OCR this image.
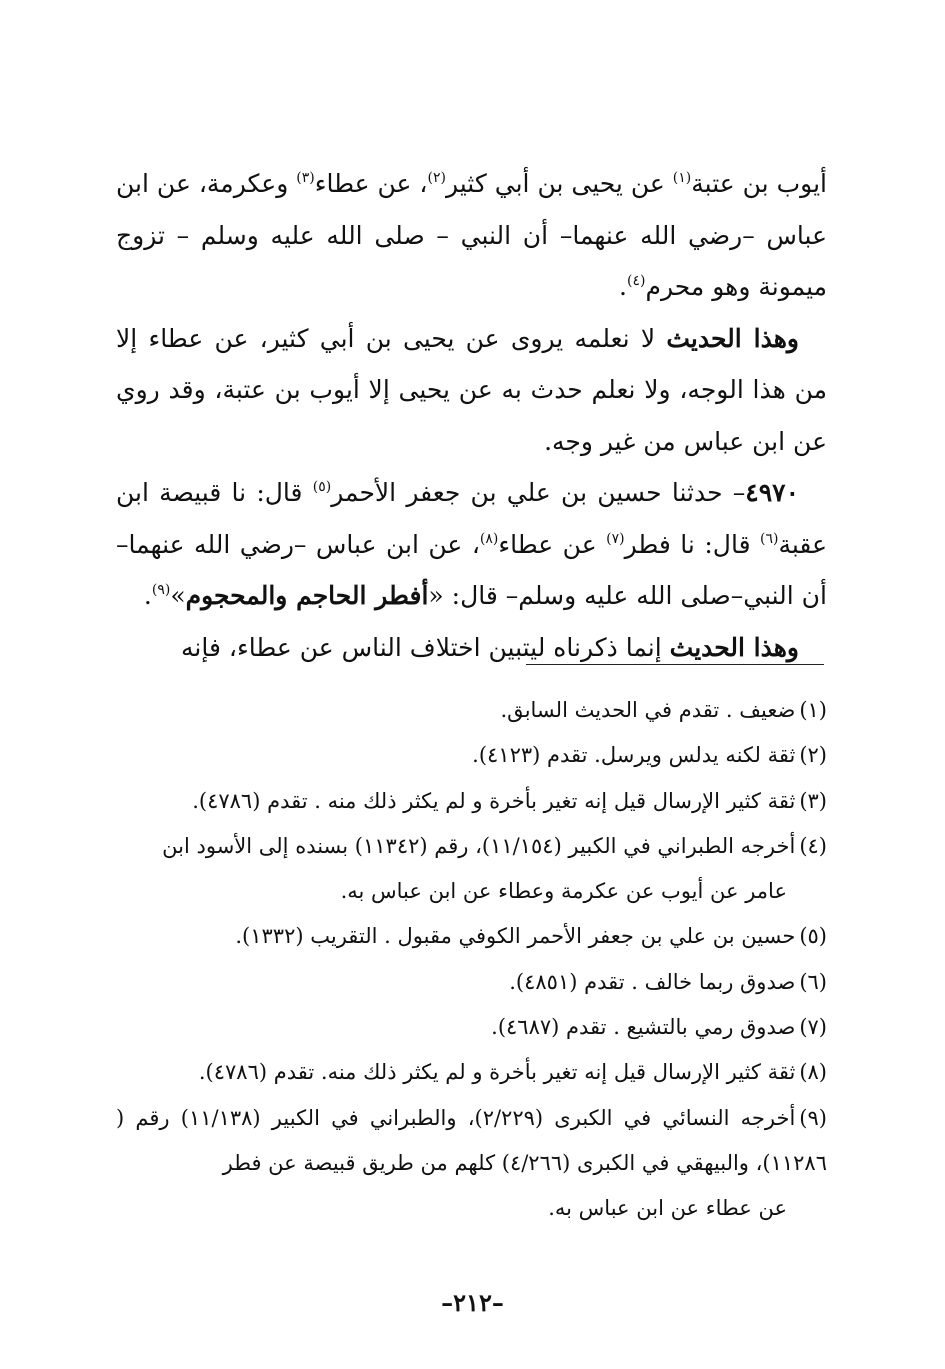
أيوب بن عتبة$^{(١)}$ عن يحيى بن أبي كثير$^{(٢)}$، عن عطاء$^{(٣)}$ وعكرمة، عن ابن عباس –رضي الله عنهما– أن النبي – صلى الله عليه وسلم – تزوج ميمونة وهو محرم$^{(٤)}$.

وهذا الحديث لا نعلمه يروى عن يحيى بن أبي كثير، عن عطاء إلا من هذا الوجه، ولا نعلم حدث به عن يحيى إلا أيوب بن عتبة، وقد روي عن ابن عباس من غير وجه.

٤٩٧٠– حدثنا حسين بن علي بن جعفر الأحمر$^{(٥)}$ قال: نا قبيصة ابن عقبة$^{(٦)}$ قال: نا فطر$^{(٧)}$ عن عطاء$^{(٨)}$، عن ابن عباس –رضي الله عنهما–أن النبي–صلى الله عليه وسلم– قال: «أفطر الحاجم والمحجوم»$^{(٩)}$.

وهذا الحديث إنما ذكرناه ليتبين اختلاف الناس عن عطاء، فإنه

(١)ضعيف . تقدم في الحديث السابق.

(٢)ثقة لكنه يدلس ويرسل. تقدم (٤١٢٣).

(٣)ثقة كثير الإرسال قيل إنه تغير بأخرة و لم يكثر ذلك منه . تقدم (٤٧٨٦).

(٤)أخرجه الطبراني في الكبير (١١/١٥٤)، رقم (١١٣٤٢) بسنده إلى الأسود ابن
عامر عن أيوب عن عكرمة وعطاء عن ابن عباس به.

(٥)حسين بن علي بن جعفر الأحمر الكوفي مقبول . التقريب (١٣٣٢).

(٦)صدوق ربما خالف . تقدم (٤٨٥١).

(٧)صدوق رمي بالتشيع . تقدم (٤٦٨٧).

(٨)ثقة كثير الإرسال قيل إنه تغير بأخرة و لم يكثر ذلك منه. تقدم (٤٧٨٦).

(٩)أخرجه النسائي في الكبرى (٢/٢٢٩)، والطبراني في الكبير (١١/١٣٨) رقم ( ١١٢٨٦)، والبيهقي في الكبرى (٤/٢٦٦) كلهم من طريق قبيصة عن فطر
عن عطاء عن ابن عباس به.

–٢١٢–
